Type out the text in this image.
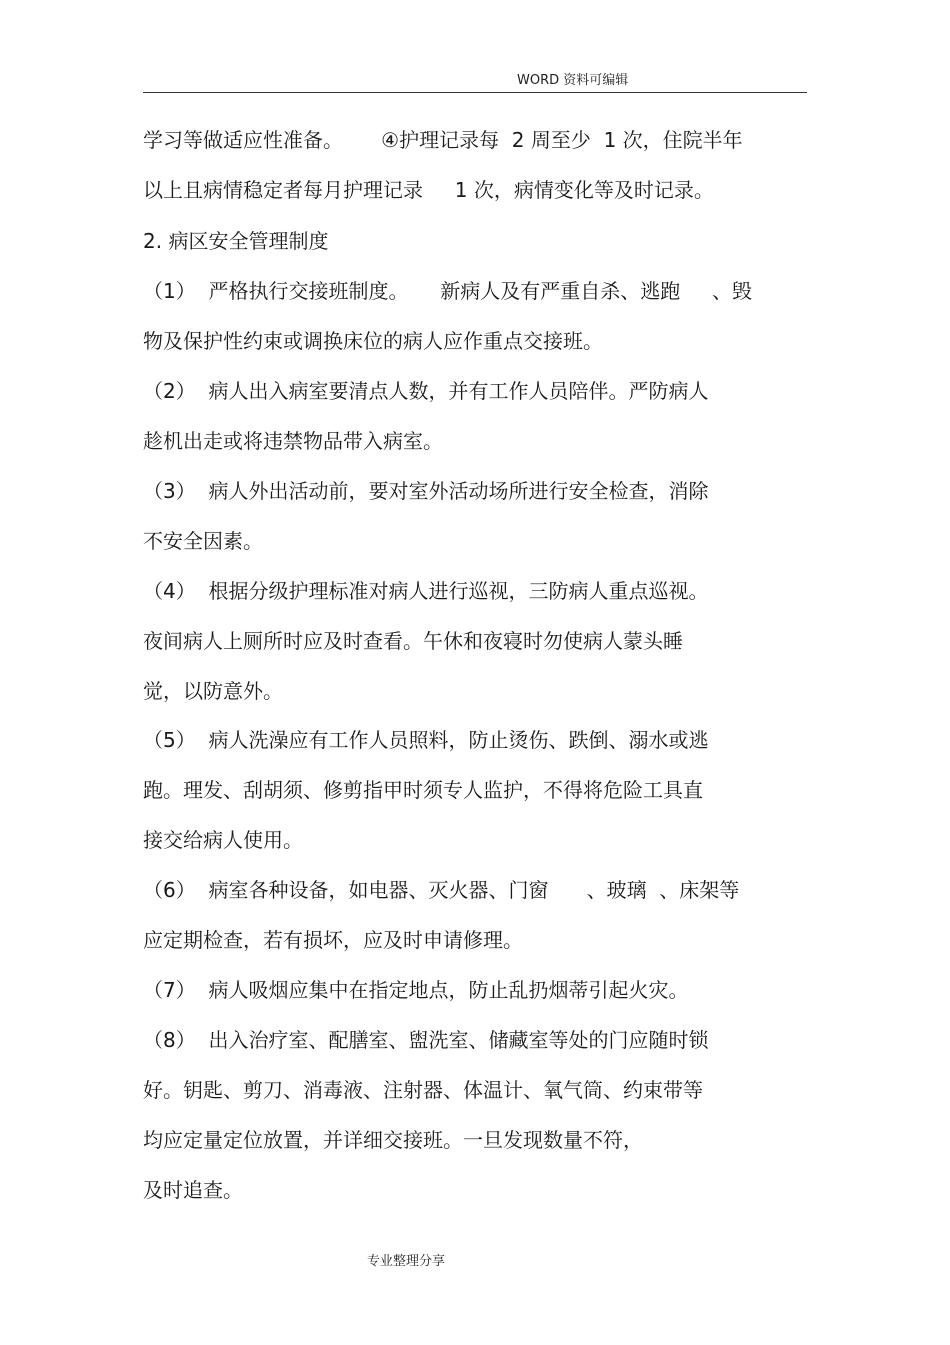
WORD 资料可编辑
学习等做适应性准备。      ④护理记录每  2 周至少  1 次，住院半年
以上且病情稳定者每月护理记录     1 次，病情变化等及时记录。
2. 病区安全管理制度
（1）  严格执行交接班制度。     新病人及有严重自杀、逃跑     、毁
物及保护性约束或调换床位的病人应作重点交接班。
（2）  病人出入病室要清点人数，并有工作人员陪伴。严防病人
趁机出走或将违禁物品带入病室。
（3）  病人外出活动前，要对室外活动场所进行安全检查，消除
不安全因素。
（4）  根据分级护理标准对病人进行巡视，三防病人重点巡视。
夜间病人上厕所时应及时查看。午休和夜寝时勿使病人蒙头睡
觉，以防意外。
（5）  病人洗澡应有工作人员照料，防止烫伤、跌倒、溺水或逃
跑。理发、刮胡须、修剪指甲时须专人监护，不得将危险工具直
接交给病人使用。
（6）  病室各种设备，如电器、灭火器、门窗      、玻璃  、床架等
应定期检查，若有损坏，应及时申请修理。
（7）  病人吸烟应集中在指定地点，防止乱扔烟蒂引起火灾。
（8）  出入治疗室、配膳室、盥洗室、储藏室等处的门应随时锁
好。钥匙、剪刀、消毒液、注射器、体温计、氧气筒、约束带等
均应定量定位放置，并详细交接班。一旦发现数量不符，
及时追查。
专业整理分享
